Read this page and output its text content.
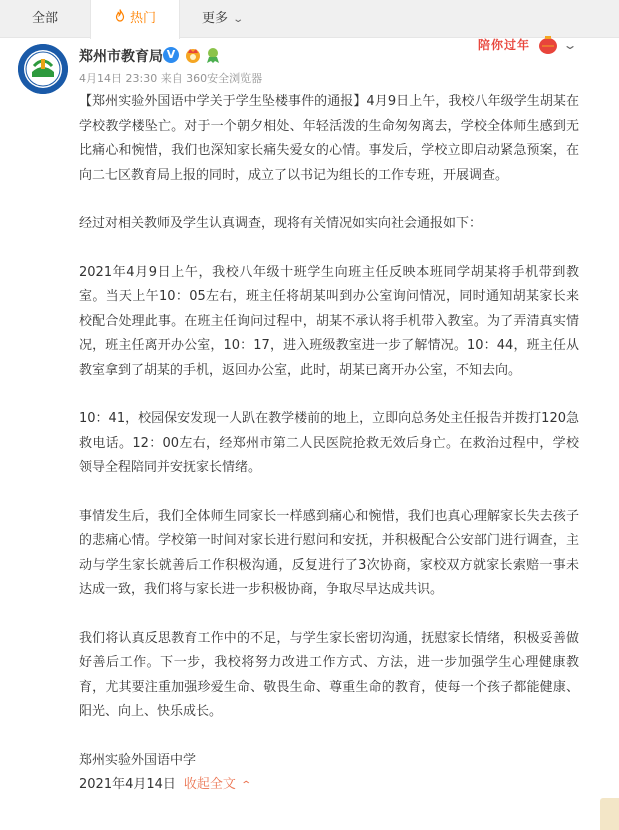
全部	热门	更多 ⌄
郑州市教育局 V
4月14日 23:30 来自 360安全浏览器
陪你过年	⌄

【郑州实验外国语中学关于学生坠楼事件的通报】4月9日上午，我校八年级学生胡某在学校教学楼坠亡。对于一个朝夕相处、年轻活泼的生命匆匆离去，学校全体师生感到无比痛心和惋惜，我们也深知家长痛失爱女的心情。事发后，学校立即启动紧急预案，在向二七区教育局上报的同时，成立了以书记为组长的工作专班，开展调查。

经过对相关教师及学生认真调查，现将有关情况如实向社会通报如下：

2021年4月9日上午，我校八年级十班学生向班主任反映本班同学胡某将手机带到教室。当天上午10：05左右，班主任将胡某叫到办公室询问情况，同时通知胡某家长来校配合处理此事。在班主任询问过程中，胡某不承认将手机带入教室。为了弄清真实情况，班主任离开办公室，10：17，进入班级教室进一步了解情况。10：44，班主任从教室拿到了胡某的手机，返回办公室，此时，胡某已离开办公室，不知去向。

10：41，校园保安发现一人趴在教学楼前的地上，立即向总务处主任报告并拨打120急救电话。12：00左右，经郑州市第二人民医院抢救无效后身亡。在救治过程中，学校领导全程陪同并安抚家长情绪。

事情发生后，我们全体师生同家长一样感到痛心和惋惜，我们也真心理解家长失去孩子的悲痛心情。学校第一时间对家长进行慰问和安抚，并积极配合公安部门进行调查，主动与学生家长就善后工作积极沟通，反复进行了3次协商，家校双方就家长索赔一事未达成一致，我们将与家长进一步积极协商，争取尽早达成共识。

我们将认真反思教育工作中的不足，与学生家长密切沟通，抚慰家长情绪，积极妥善做好善后工作。下一步，我校将努力改进工作方式、方法，进一步加强学生心理健康教育，尤其要注重加强珍爱生命、敬畏生命、尊重生命的教育，使每一个孩子都能健康、阳光、向上、快乐成长。

郑州实验外国语中学

2021年4月14日 收起全文 ⌃
